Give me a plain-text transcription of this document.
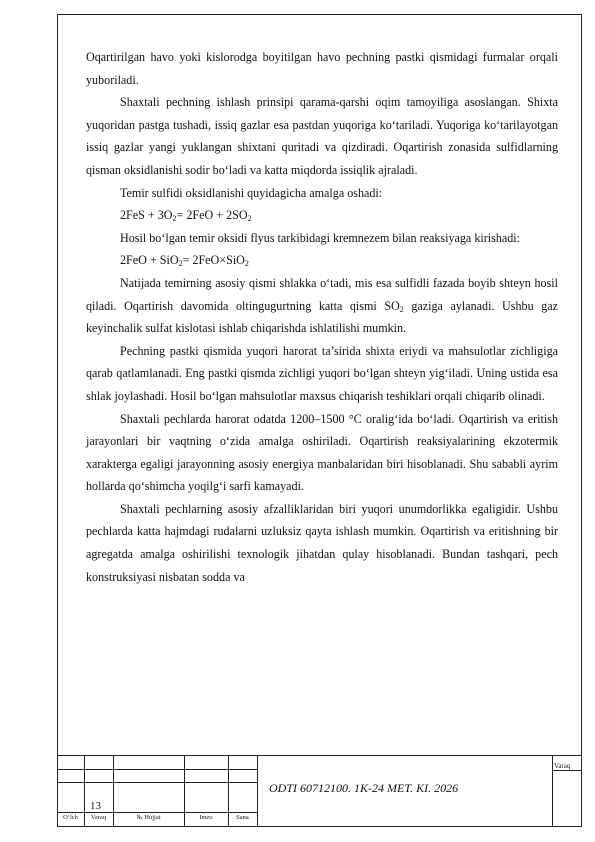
Oqartirilgan havo yoki kislorodga boyitilgan havo pechning pastki qismidagi furmalar orqali yuboriladi.

Shaxtali pechning ishlash prinsipi qarama-qarshi oqim tamoyiliga asoslangan. Shixta yuqoridan pastga tushadi, issiq gazlar esa pastdan yuqoriga ko‘tariladi. Yuqoriga ko‘tarilayotgan issiq gazlar yangi yuklangan shixtani quritadi va qizdiradi. Oqartirish zonasida sulfidlarning qisman oksidlanishi sodir bo‘ladi va katta miqdorda issiqlik ajraladi.

Temir sulfidi oksidlanishi quyidagicha amalga oshadi:

$2FeS + 3O_2= 2FeO + 2SO_2$

Hosil bo‘lgan temir oksidi flyus tarkibidagi kremnezem bilan reaksiyaga kirishadi:

2FeO + SiO$_2$= 2FeO×SiO$_2$

Natijada temirning asosiy qismi shlakka o‘tadi, mis esa sulfidli fazada boyib shteyn hosil qiladi. Oqartirish davomida oltingugurtning katta qismi $SO_2$ gaziga aylanadi. Ushbu gaz keyinchalik sulfat kislotasi ishlab chiqarishda ishlatilishi mumkin.

Pechning pastki qismida yuqori harorat ta’sirida shixta eriydi va mahsulotlar zichligiga qarab qatlamlanadi. Eng pastki qismda zichligi yuqori bo‘lgan shteyn yig‘iladi. Uning ustida esa shlak joylashadi. Hosil bo‘lgan mahsulotlar maxsus chiqarish teshiklari orqali chiqarib olinadi.

Shaxtali pechlarda harorat odatda 1200–1500 °C oralig‘ida bo‘ladi. Oqartirish va eritish jarayonlari bir vaqtning o‘zida amalga oshiriladi. Oqartirish reaksiyalarining ekzotermik xarakterga egaligi jarayonning asosiy energiya manbalaridan biri hisoblanadi. Shu sababli ayrim hollarda qo‘shimcha yoqilg‘i sarfi kamayadi.

Shaxtali pechlarning asosiy afzalliklaridan biri yuqori unumdorlikka egaligidir. Ushbu pechlarda katta hajmdagi rudalarni uzluksiz qayta ishlash mumkin. Oqartirish va eritishning bir agregatda amalga oshirilishi texnologik jihatdan qulay hisoblanadi. Bundan tashqari, pech konstruksiyasi nisbatan sodda va

Varaq
13
ODTI 60712100. 1K-24 MET. KI. 2026
O‘lch	Varaq	№ Hujjat	Imzo	Sana
